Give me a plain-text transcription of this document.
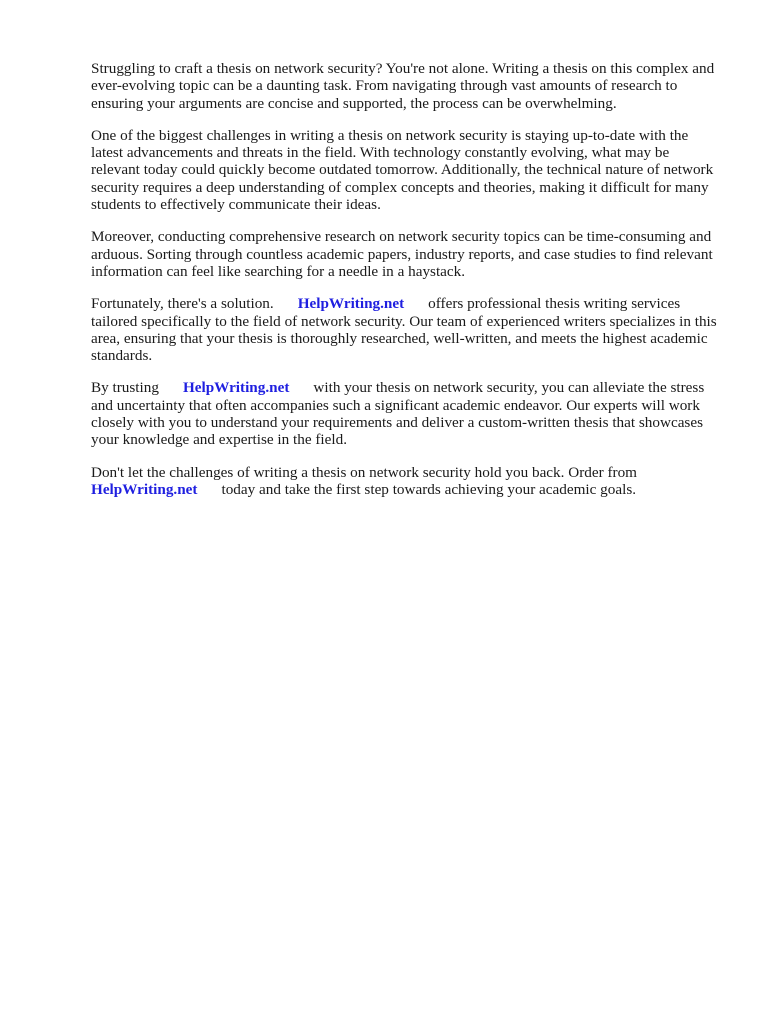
Struggling to craft a thesis on network security? You're not alone. Writing a thesis on this complex and ever-evolving topic can be a daunting task. From navigating through vast amounts of research to ensuring your arguments are concise and supported, the process can be overwhelming.

One of the biggest challenges in writing a thesis on network security is staying up-to-date with the latest advancements and threats in the field. With technology constantly evolving, what may be relevant today could quickly become outdated tomorrow. Additionally, the technical nature of network security requires a deep understanding of complex concepts and theories, making it difficult for many students to effectively communicate their ideas.

Moreover, conducting comprehensive research on network security topics can be time-consuming and arduous. Sorting through countless academic papers, industry reports, and case studies to find relevant information can feel like searching for a needle in a haystack.

Fortunately, there's a solution. HelpWriting.net offers professional thesis writing services tailored specifically to the field of network security. Our team of experienced writers specializes in this area, ensuring that your thesis is thoroughly researched, well-written, and meets the highest academic standards.

By trusting HelpWriting.net with your thesis on network security, you can alleviate the stress and uncertainty that often accompanies such a significant academic endeavor. Our experts will work closely with you to understand your requirements and deliver a custom-written thesis that showcases your knowledge and expertise in the field.

Don't let the challenges of writing a thesis on network security hold you back. Order from HelpWriting.net today and take the first step towards achieving your academic goals.
